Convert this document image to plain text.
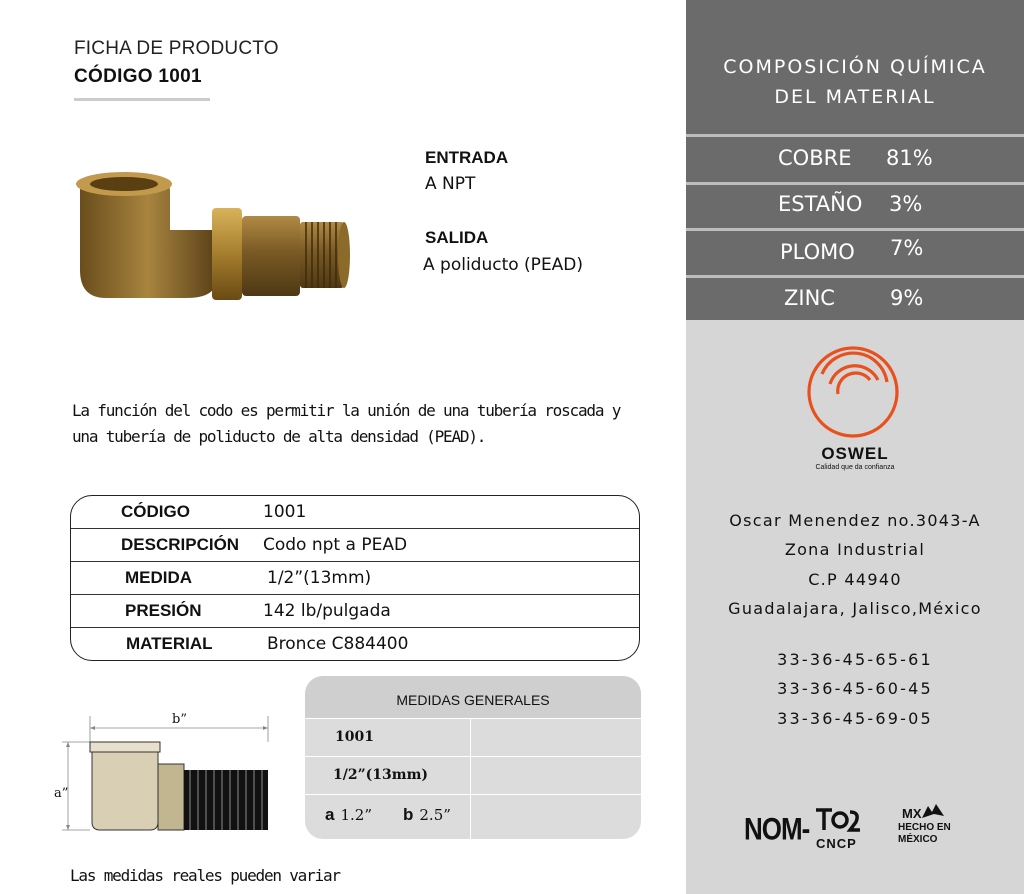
FICHA DE PRODUCTO
CÓDIGO 1001
ENTRADA
A NPT
SALIDA
A poliducto (PEAD)
La función del codo es permitir la unión de una tubería roscada y una tubería de poliducto de alta densidad (PEAD).
CÓDIGO	1001
DESCRIPCIÓN Codo npt a PEAD
MEDIDA	1/2”(13mm)
PRESIÓN	142 lb/pulgada
MATERIAL	Bronce C884400
b”
a”
MEDIDAS GENERALES
1001
1/2”(13mm)
a 1.2” b 2.5”
Las medidas reales pueden variar
COMPOSICIÓN QUÍMICA
DEL MATERIAL
COBRE 81%
ESTAÑO 3%
PLOMO 7%
ZINC	9%
OSWEL
Calidad que da confianza
Oscar Menendez no.3043-A
Zona Industrial
C.P 44940
Guadalajara, Jalisco,México
33-36-45-65-61
33-36-45-60-45
33-36-45-69-05
NOM- CNCP
MX
HECHO EN
MÉXICO
